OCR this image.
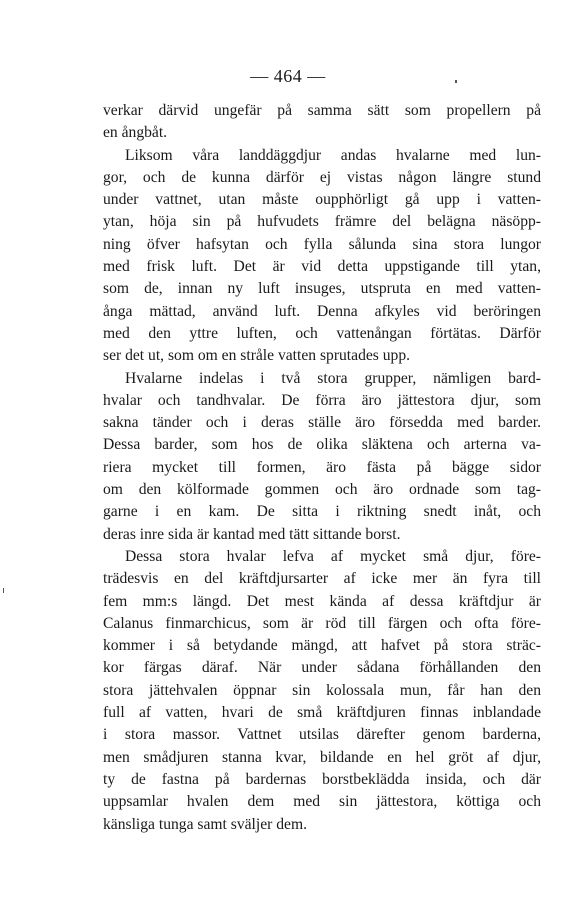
— 464 —
verkar därvid ungefär på samma sätt som propellern på
en ångbåt.
Liksom våra landdäggdjur andas hvalarne med lun-
gor, och de kunna därför ej vistas någon längre stund
under vattnet, utan måste oupphörligt gå upp i vatten-
ytan, höja sin på hufvudets främre del belägna näsöpp-
ning öfver hafsytan och fylla sålunda sina stora lungor
med frisk luft. Det är vid detta uppstigande till ytan,
som de, innan ny luft insuges, utspruta en med vatten-
ånga mättad, använd luft. Denna afkyles vid beröringen
med den yttre luften, och vattenångan förtätas. Därför
ser det ut, som om en stråle vatten sprutades upp.
Hvalarne indelas i två stora grupper, nämligen bard-
hvalar och tandhvalar. De förra äro jättestora djur, som
sakna tänder och i deras ställe äro försedda med barder.
Dessa barder, som hos de olika släktena och arterna va-
riera mycket till formen, äro fästa på bägge sidor
om den kölformade gommen och äro ordnade som tag-
garne i en kam. De sitta i riktning snedt inåt, och
deras inre sida är kantad med tätt sittande borst.
Dessa stora hvalar lefva af mycket små djur, före-
trädesvis en del kräftdjursarter af icke mer än fyra till
fem mm:s längd. Det mest kända af dessa kräftdjur är
Calanus finmarchicus, som är röd till färgen och ofta före-
kommer i så betydande mängd, att hafvet på stora sträc-
kor färgas däraf. När under sådana förhållanden den
stora jättehvalen öppnar sin kolossala mun, får han den
full af vatten, hvari de små kräftdjuren finnas inblandade
i stora massor. Vattnet utsilas därefter genom barderna,
men smådjuren stanna kvar, bildande en hel gröt af djur,
ty de fastna på bardernas borstbeklädda insida, och där
uppsamlar hvalen dem med sin jättestora, köttiga och
känsliga tunga samt sväljer dem.
